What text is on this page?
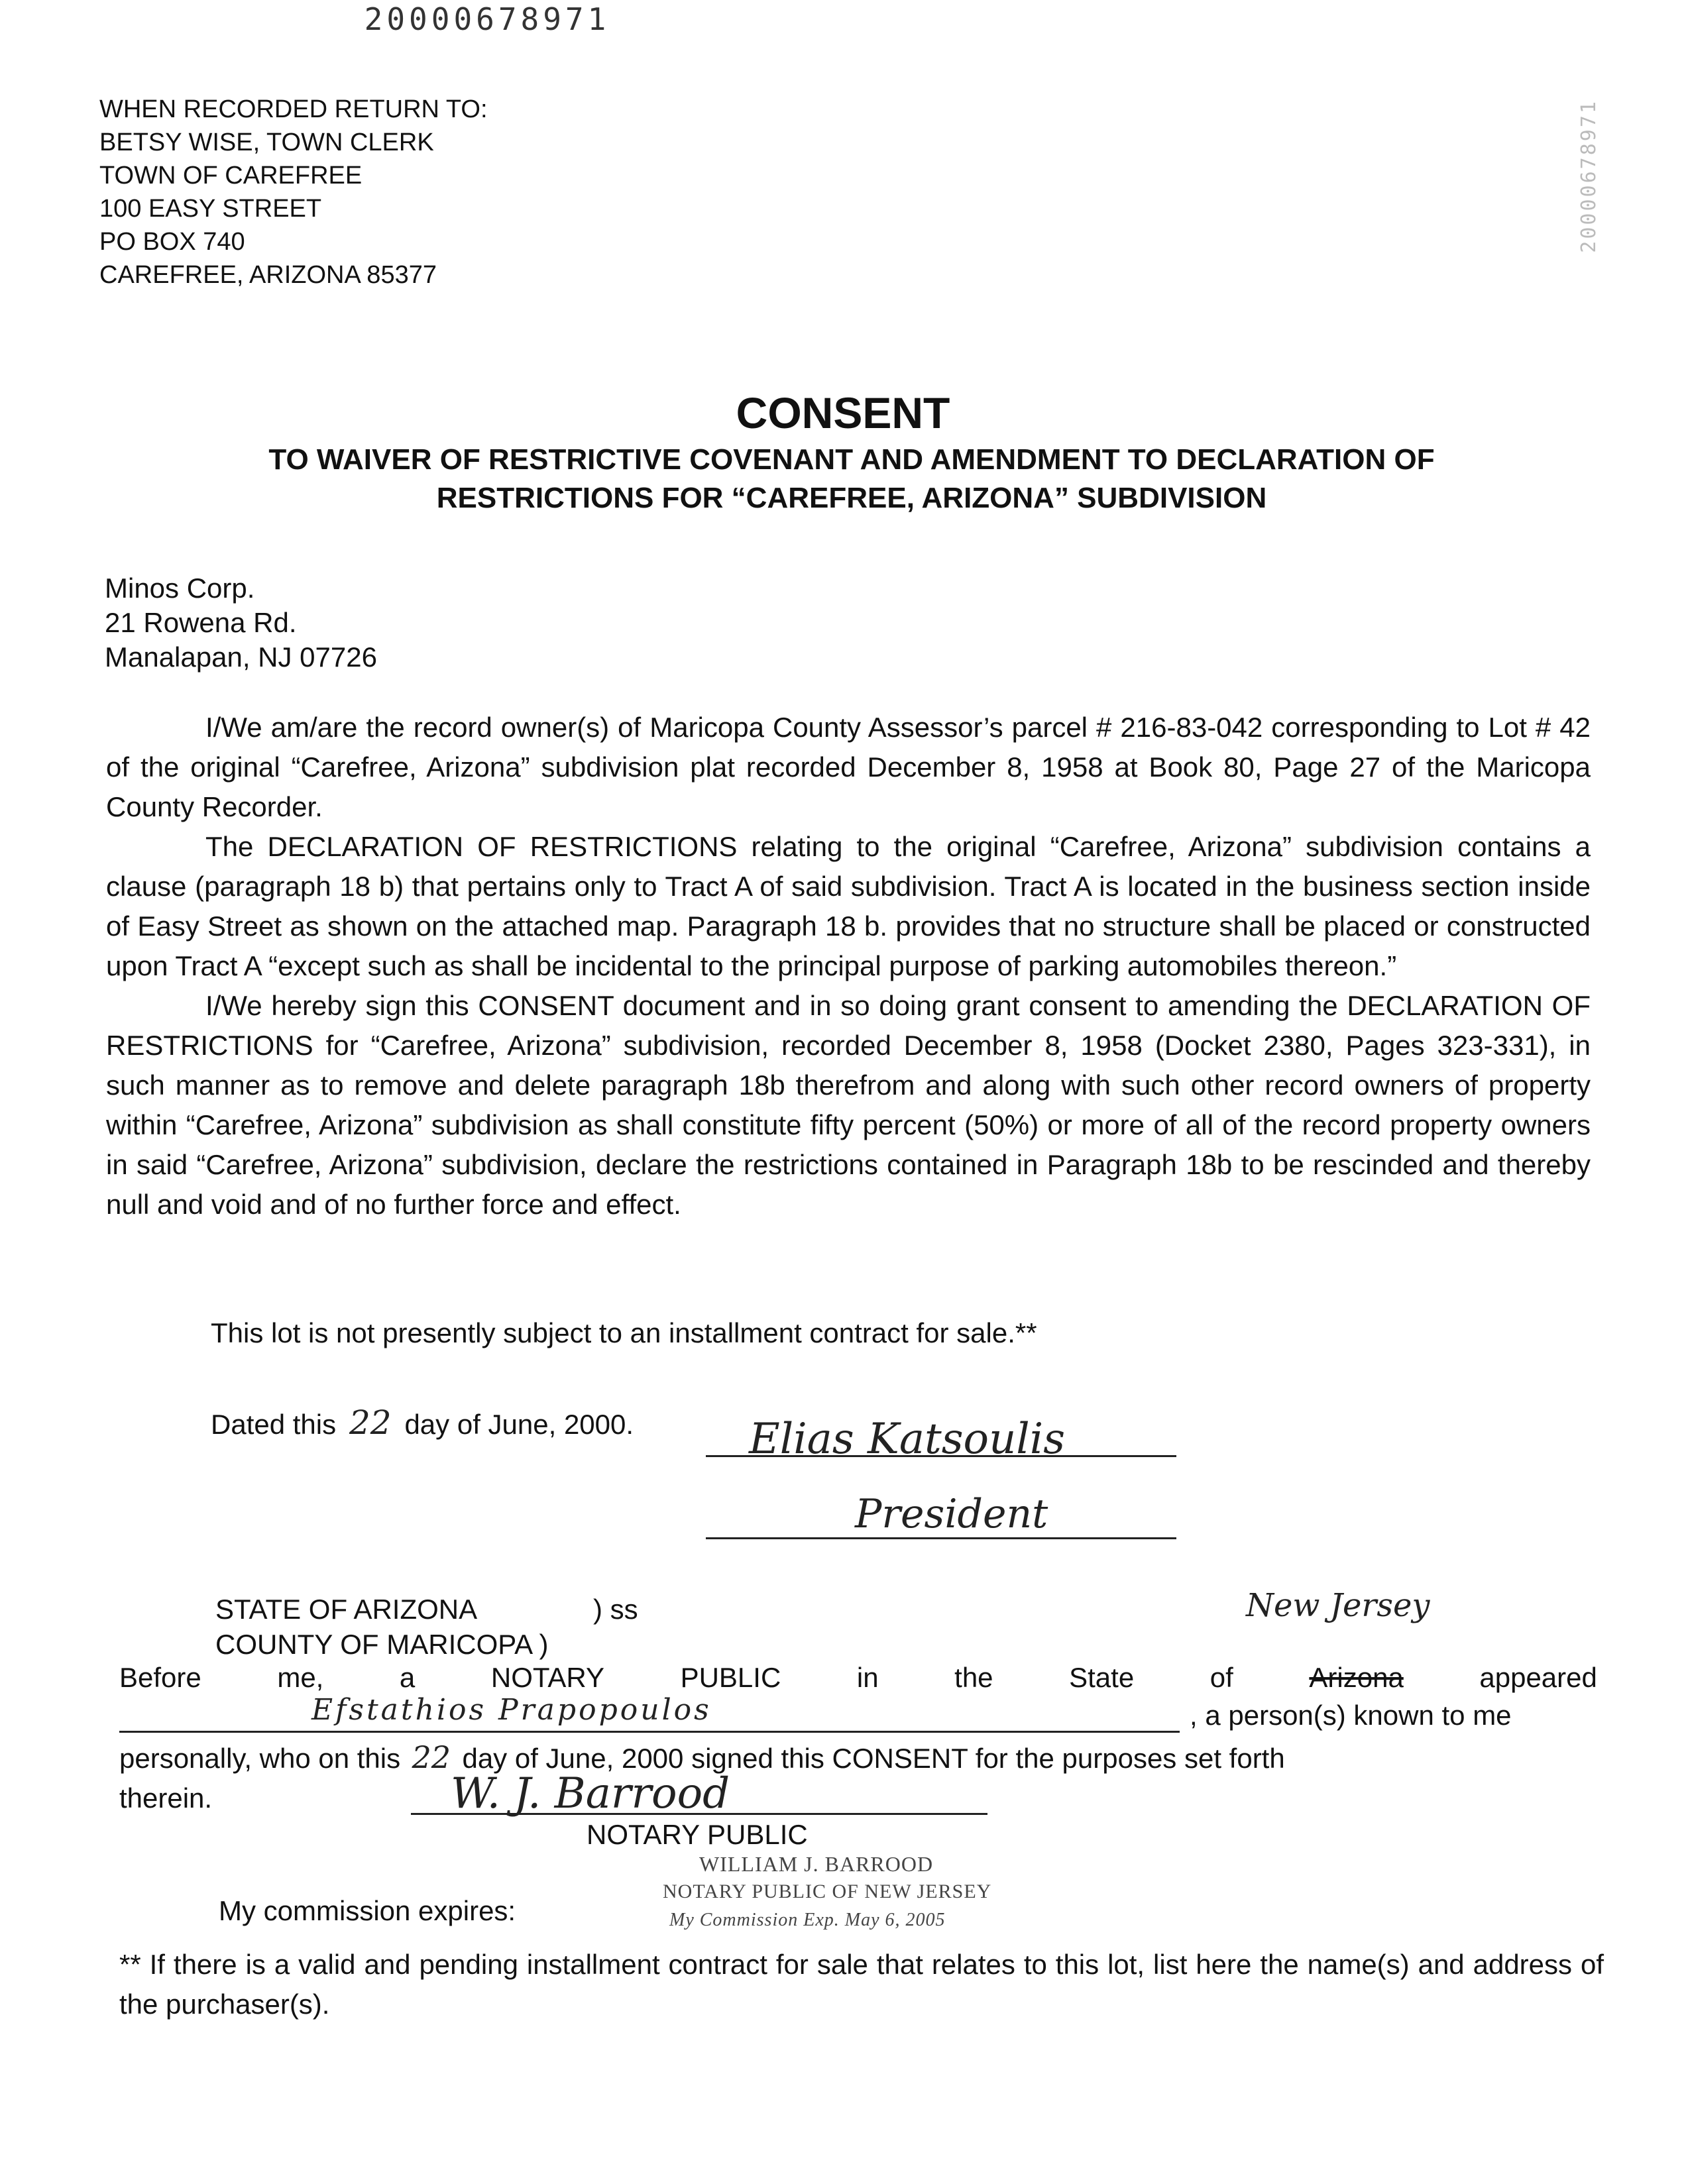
20000678971
20000678971
WHEN RECORDED RETURN TO:
BETSY WISE, TOWN CLERK
TOWN OF CAREFREE
100 EASY STREET
PO BOX 740
CAREFREE, ARIZONA 85377
CONSENT
TO WAIVER OF RESTRICTIVE COVENANT AND AMENDMENT TO DECLARATION OF RESTRICTIONS FOR “CAREFREE, ARIZONA” SUBDIVISION
Minos Corp.
21 Rowena Rd.
Manalapan, NJ 07726

I/We am/are the record owner(s) of Maricopa County Assessor’s parcel # 216-83-042 corresponding to Lot # 42 of the original “Carefree, Arizona” subdivision plat recorded December 8, 1958 at Book 80, Page 27 of the Maricopa County Recorder.

The DECLARATION OF RESTRICTIONS relating to the original “Carefree, Arizona” subdivision contains a clause (paragraph 18 b) that pertains only to Tract A of said subdivision. Tract A is located in the business section inside of Easy Street as shown on the attached map. Paragraph 18 b. provides that no structure shall be placed or constructed upon Tract A “except such as shall be incidental to the principal purpose of parking automobiles thereon.”

I/We hereby sign this CONSENT document and in so doing grant consent to amending the DECLARATION OF RESTRICTIONS for “Carefree, Arizona” subdivision, recorded December 8, 1958 (Docket 2380, Pages 323-331), in such manner as to remove and delete paragraph 18b therefrom and along with such other record owners of property within “Carefree, Arizona” subdivision as shall constitute fifty percent (50%) or more of all of the record property owners in said “Carefree, Arizona” subdivision, declare the restrictions contained in Paragraph 18b to be rescinded and thereby null and void and of no further force and effect.

This lot is not presently subject to an installment contract for sale.**
Dated this 22 day of June, 2000.	Elias Katsoulis
President
STATE OF ARIZONA	) ss
COUNTY OF MARICOPA )
Before	me,	a	NOTARY	PUBLIC	in	the	State	of	Arizona	appeared
New Jersey
Efstathios Prapopoulos	, a person(s) known to me
personally, who on this 22 day of June, 2000 signed this CONSENT for the purposes set forth
therein.	W. J. Barrood
NOTARY PUBLIC
WILLIAM J. BARROOD
NOTARY PUBLIC OF NEW JERSEY
My Commission Exp. May 6, 2005
My commission expires:
** If there is a valid and pending installment contract for sale that relates to this lot, list here the name(s) and address of the purchaser(s).
